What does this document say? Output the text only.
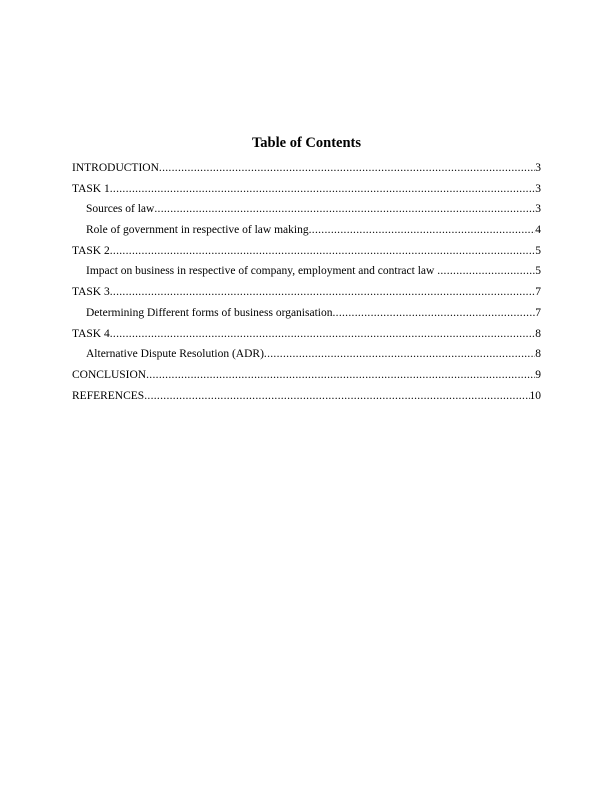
Table of Contents
INTRODUCTION .....	3
TASK 1 .....	3
Sources of law .....	3
Role of government in respective of law making .....	4
TASK 2 .....	5
Impact on business in respective of company, employment and contract law .....	5
TASK 3 .....	7
Determining Different forms of business organisation .....	7
TASK 4 .....	8
Alternative Dispute Resolution (ADR) .....	8
CONCLUSION .....	9
REFERENCES .....	10
